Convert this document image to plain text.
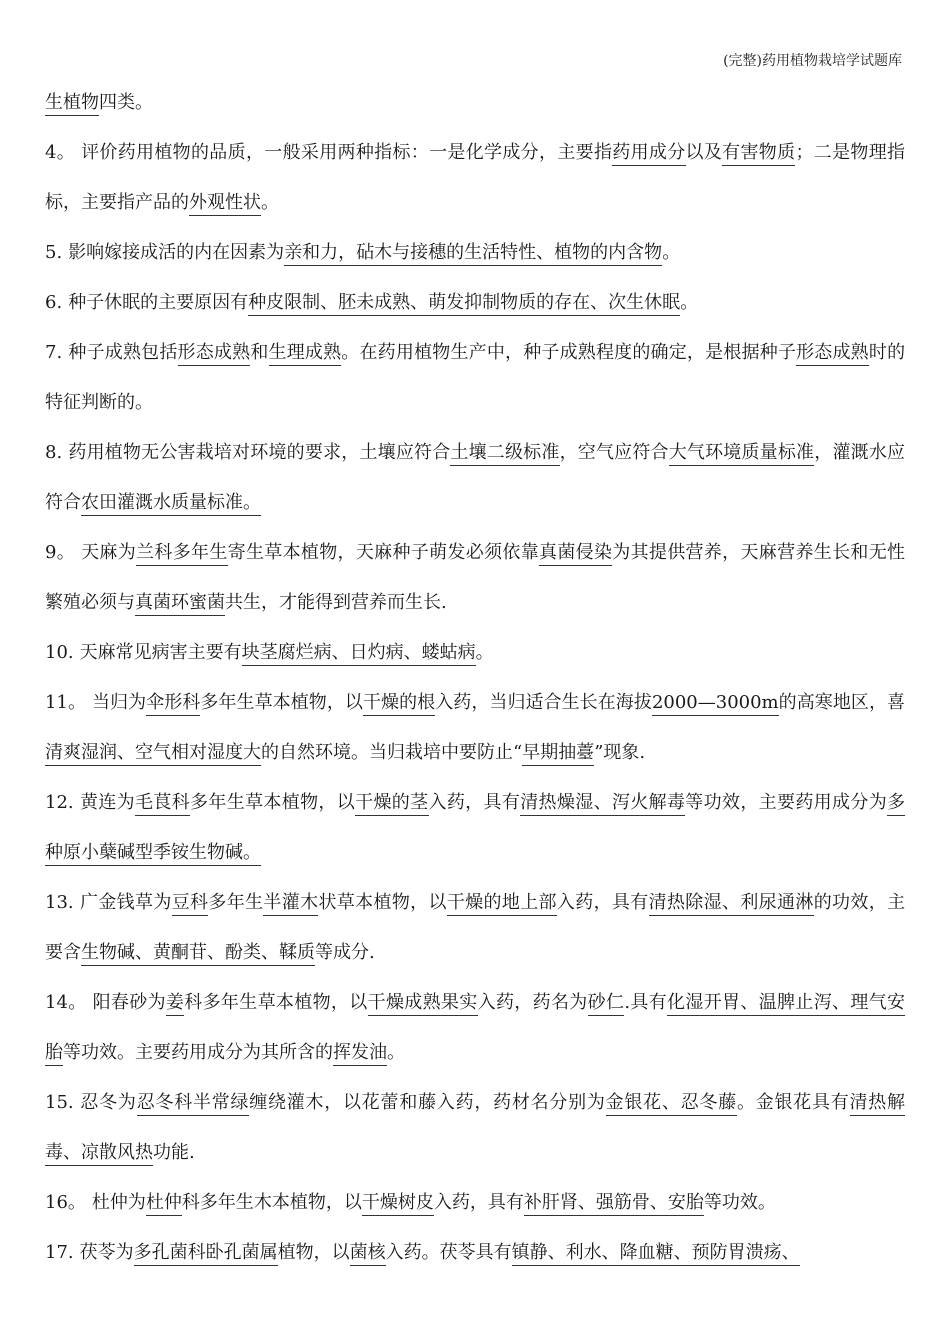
(完整)药用植物栽培学试题库

生植物四类。

4。 评价药用植物的品质，一般采用两种指标：一是化学成分，主要指药用成分以及有害物质；二是物理指标，主要指产品的外观性状。

5. 影响嫁接成活的内在因素为亲和力，砧木与接穗的生活特性、植物的内含物。

6. 种子休眠的主要原因有种皮限制、胚未成熟、萌发抑制物质的存在、次生休眠。

7. 种子成熟包括形态成熟和生理成熟。在药用植物生产中，种子成熟程度的确定，是根据种子形态成熟时的特征判断的。

8. 药用植物无公害栽培对环境的要求，土壤应符合土壤二级标准，空气应符合大气环境质量标准，灌溉水应符合农田灌溉水质量标准。

9。 天麻为兰科多年生寄生草本植物，天麻种子萌发必须依靠真菌侵染为其提供营养，天麻营养生长和无性繁殖必须与真菌环蜜菌共生，才能得到营养而生长.

10. 天麻常见病害主要有块茎腐烂病、日灼病、蝼蛄病。

11。 当归为伞形科多年生草本植物，以干燥的根入药，当归适合生长在海拔2000—3000m的高寒地区，喜清爽湿润、空气相对湿度大的自然环境。当归栽培中要防止“早期抽薹”现象.

12. 黄连为毛茛科多年生草本植物，以干燥的茎入药，具有清热燥湿、泻火解毒等功效，主要药用成分为多种原小蘖碱型季铵生物碱。

13. 广金钱草为豆科多年生半灌木状草本植物，以干燥的地上部入药，具有清热除湿、利尿通淋的功效，主要含生物碱、黄酮苷、酚类、鞣质等成分.

14。 阳春砂为姜科多年生草本植物，以干燥成熟果实入药，药名为砂仁.具有化湿开胃、温脾止泻、理气安胎等功效。主要药用成分为其所含的挥发油。

15. 忍冬为忍冬科半常绿缠绕灌木，以花蕾和藤入药，药材名分别为金银花、忍冬藤。金银花具有清热解毒、凉散风热功能.

16。 杜仲为杜仲科多年生木本植物，以干燥树皮入药，具有补肝肾、强筋骨、安胎等功效。

17. 茯苓为多孔菌科卧孔菌属植物，以菌核入药。茯苓具有镇静、利水、降血糖、预防胃溃疡、
